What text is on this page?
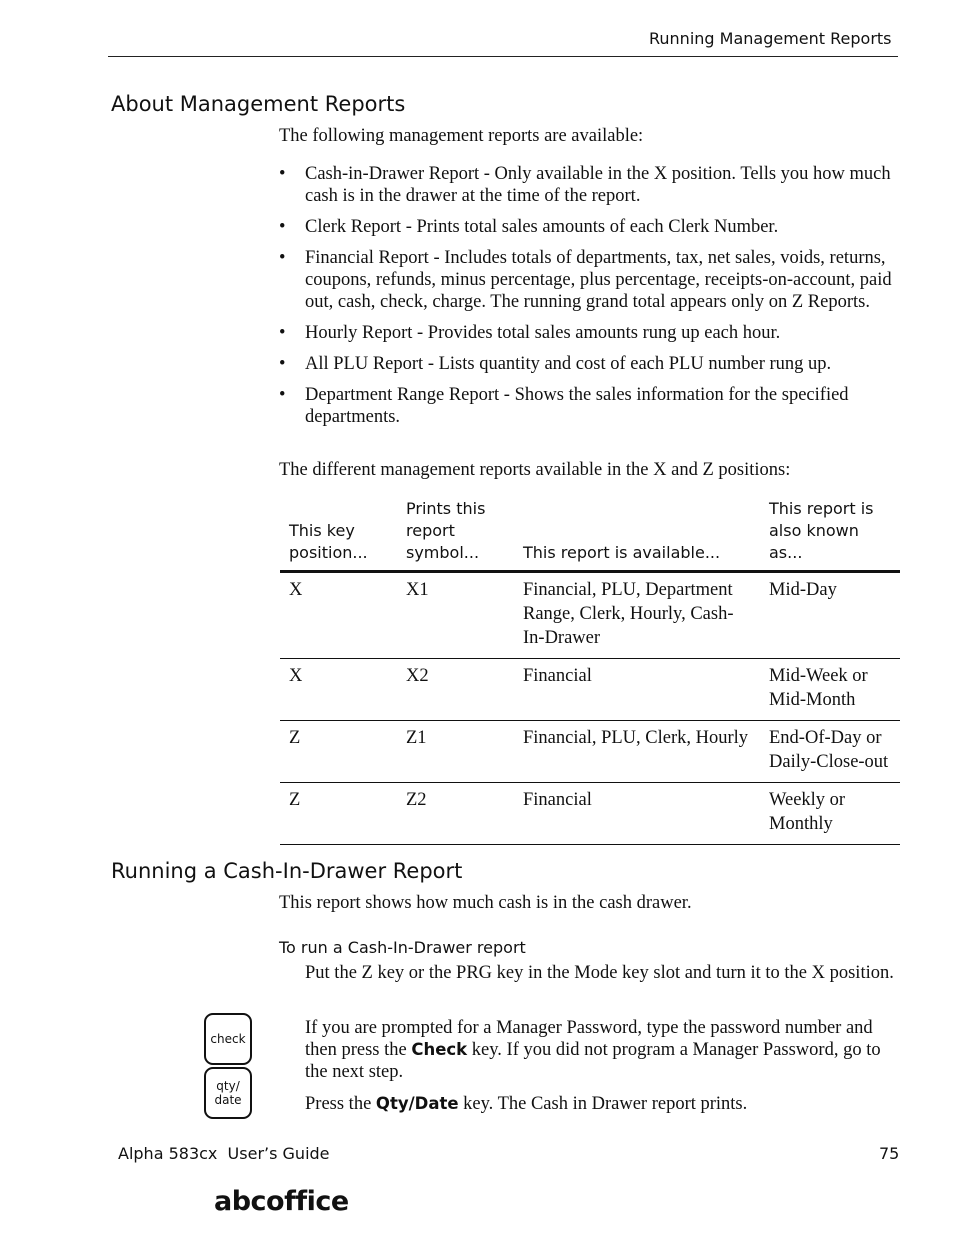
Running Management Reports
About Management Reports
The following management reports are available:
• Cash-in-Drawer Report - Only available in the X position. Tells you how much cash is in the drawer at the time of the report.
• Clerk Report - Prints total sales amounts of each Clerk Number.
• Financial Report - Includes totals of departments, tax, net sales, voids, returns, coupons, refunds, minus percentage, plus percentage, receipts-on-account, paid out, cash, check, charge. The running grand total appears only on Z Reports.
• Hourly Report - Provides total sales amounts rung up each hour.
• All PLU Report - Lists quantity and cost of each PLU number rung up.
• Department Range Report - Shows the sales information for the specified departments.
The different management reports available in the X and Z positions:
This key position...	Prints this report symbol...	This report is available...	This report is also known as...
X	X1	Financial, PLU, Department Range, Clerk, Hourly, Cash-In-Drawer	Mid-Day
X	X2	Financial	Mid-Week or Mid-Month
Z	Z1	Financial, PLU, Clerk, Hourly	End-Of-Day or Daily-Close-out
Z	Z2	Financial	Weekly or Monthly
Running a Cash-In-Drawer Report
This report shows how much cash is in the cash drawer.
To run a Cash-In-Drawer report
Put the Z key or the PRG key in the Mode key slot and turn it to the X position.
If you are prompted for a Manager Password, type the password number and then press the Check key. If you did not program a Manager Password, go to the next step.
Press the Qty/Date key. The Cash in Drawer report prints.
check
qty/
date
Alpha 583cx  User’s Guide	75
abcoffice
